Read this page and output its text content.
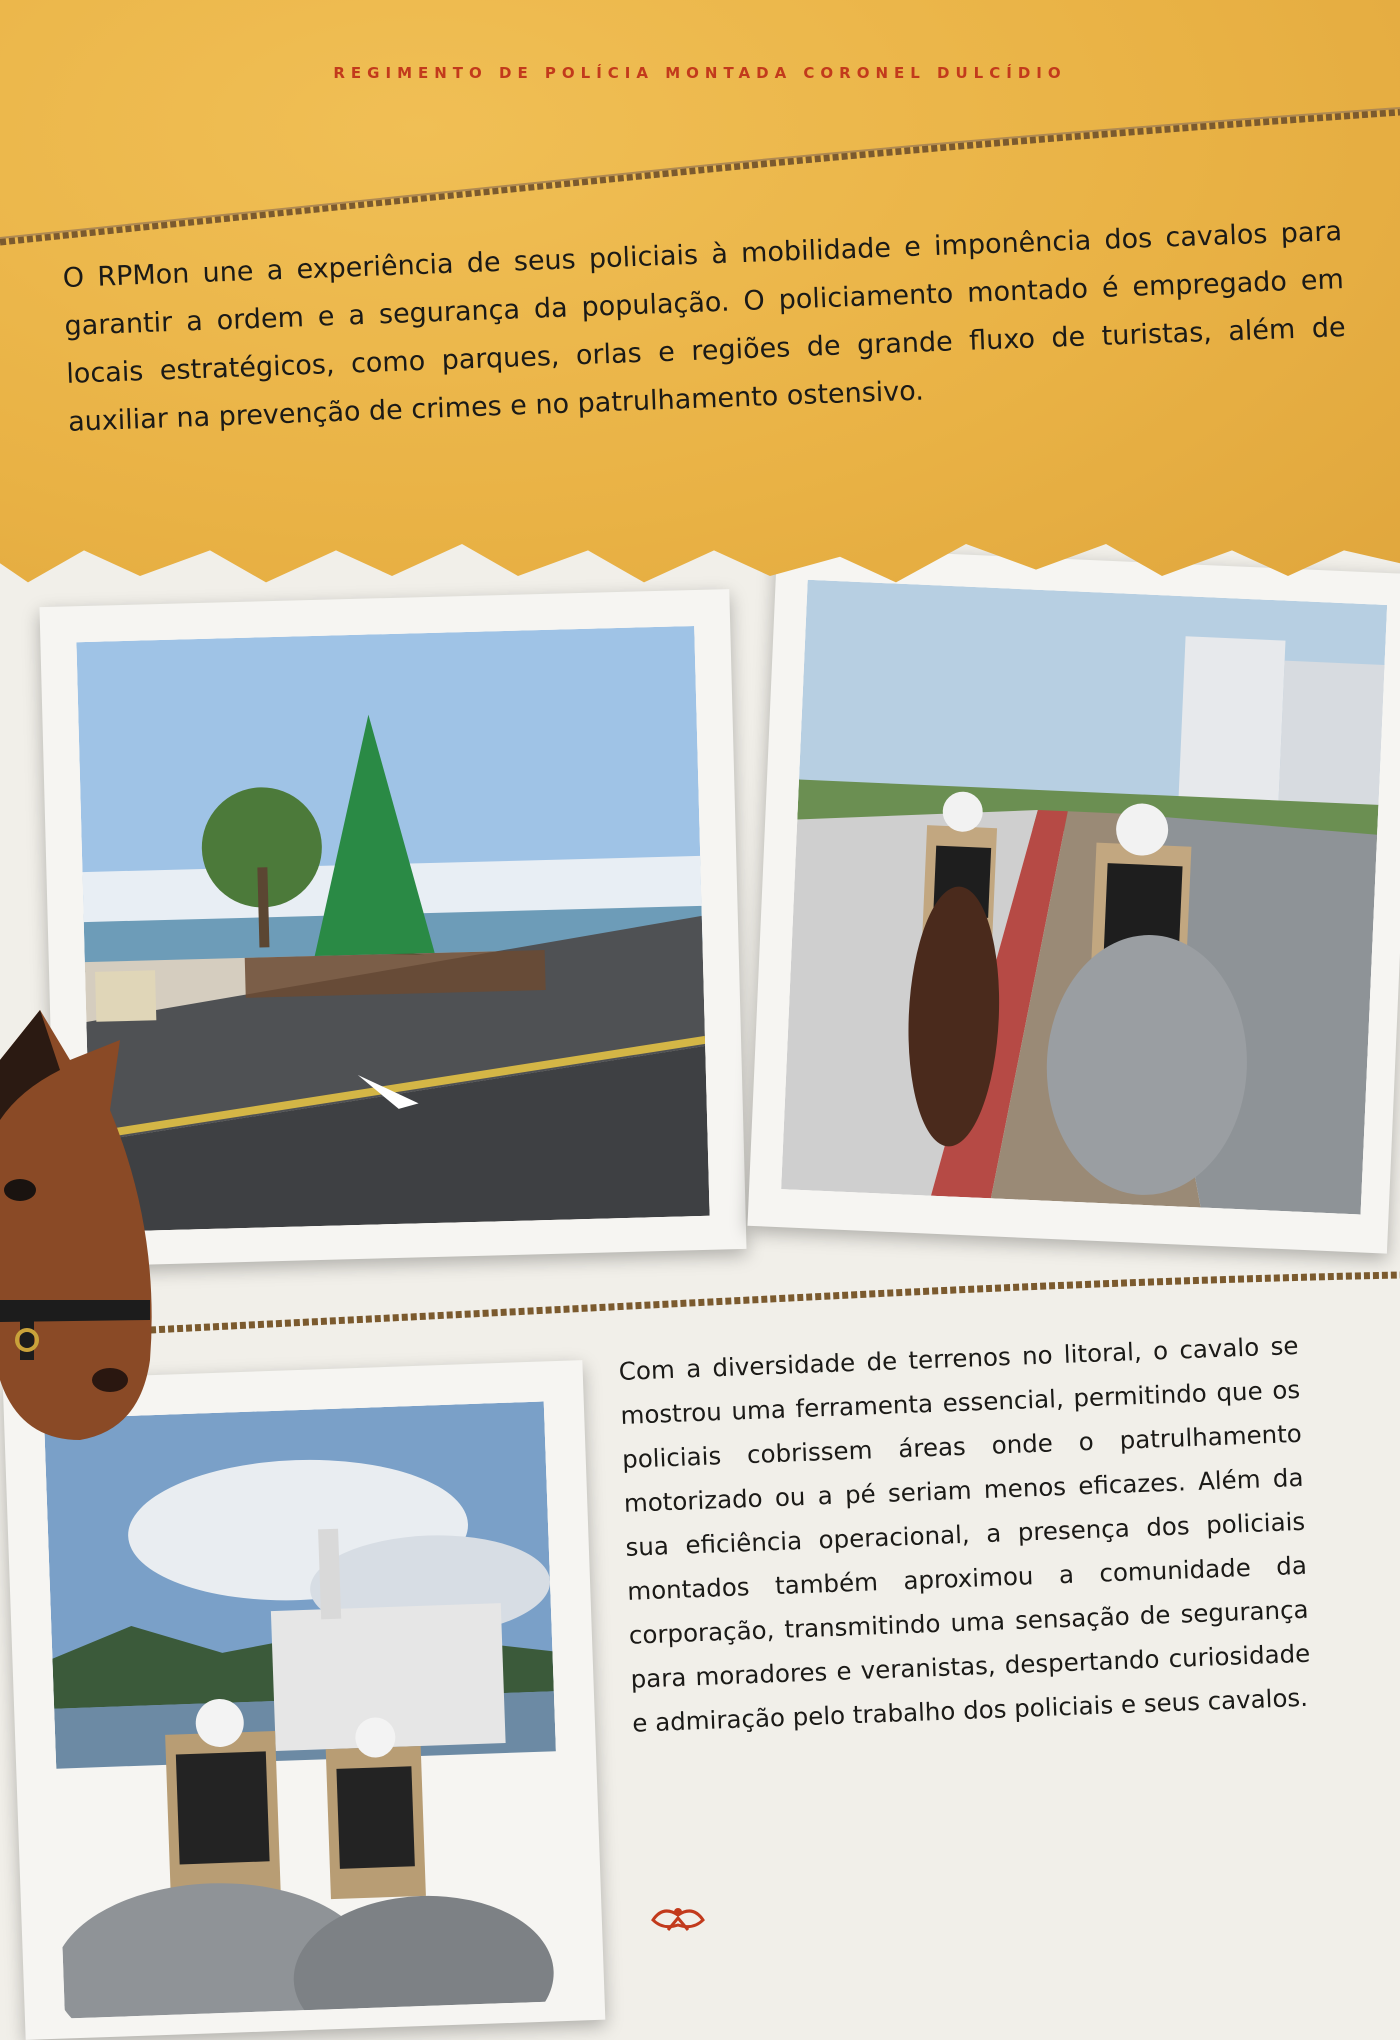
REGIMENTO DE POLÍCIA MONTADA CORONEL DULCÍDIO
O RPMon une a experiência de seus policiais à mobilidade e imponência dos cavalos para garantir a ordem e a segurança da população. O policiamento montado é empregado em locais estratégicos, como parques, orlas e regiões de grande fluxo de turistas, além de auxiliar na prevenção de crimes e no patrulhamento ostensivo.
Com a diversidade de terrenos no litoral, o cavalo se mostrou uma ferramenta essencial, permitindo que os policiais cobrissem áreas onde o patrulhamento motorizado ou a pé seriam menos eficazes. Além da sua eficiência operacional, a presença dos policiais montados também aproximou a comunidade da corporação, transmitindo uma sensação de segurança para moradores e veranistas, despertando curiosidade e admiração pelo trabalho dos policiais e seus cavalos.
